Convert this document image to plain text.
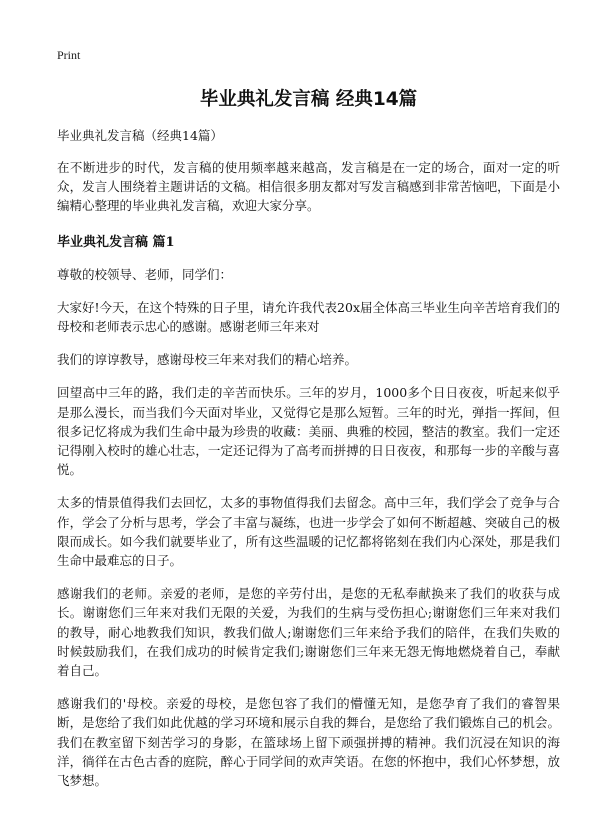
Print
毕业典礼发言稿 经典14篇
毕业典礼发言稿（经典14篇）

在不断进步的时代，发言稿的使用频率越来越高，发言稿是在一定的场合，面对一定的听众，发言人围绕着主题讲话的文稿。相信很多朋友都对写发言稿感到非常苦恼吧，下面是小编精心整理的毕业典礼发言稿，欢迎大家分享。

毕业典礼发言稿 篇1

尊敬的校领导、老师，同学们：

大家好!今天，在这个特殊的日子里，请允许我代表20x届全体高三毕业生向辛苦培育我们的母校和老师表示忠心的感谢。感谢老师三年来对

我们的谆谆教导，感谢母校三年来对我们的精心培养。

回望高中三年的路，我们走的辛苦而快乐。三年的岁月，1000多个日日夜夜，听起来似乎是那么漫长，而当我们今天面对毕业，又觉得它是那么短暂。三年的时光，弹指一挥间，但很多记忆将成为我们生命中最为珍贵的收藏：美丽、典雅的校园，整洁的教室。我们一定还记得刚入校时的雄心壮志，一定还记得为了高考而拼搏的日日夜夜，和那每一步的辛酸与喜悦。

太多的情景值得我们去回忆，太多的事物值得我们去留念。高中三年，我们学会了竞争与合作，学会了分析与思考，学会了丰富与凝练，也进一步学会了如何不断超越、突破自己的极限而成长。如今我们就要毕业了，所有这些温暖的记忆都将铭刻在我们内心深处，那是我们生命中最难忘的日子。

感谢我们的老师。亲爱的老师，是您的辛劳付出，是您的无私奉献换来了我们的收获与成长。谢谢您们三年来对我们无限的关爱，为我们的生病与受伤担心;谢谢您们三年来对我们的教导，耐心地教我们知识，教我们做人;谢谢您们三年来给予我们的陪伴，在我们失败的时候鼓励我们，在我们成功的时候肯定我们;谢谢您们三年来无怨无悔地燃烧着自己，奉献着自己。

感谢我们的'母校。亲爱的母校，是您包容了我们的懵懂无知，是您孕育了我们的睿智果断，是您给了我们如此优越的学习环境和展示自我的舞台，是您给了我们锻炼自己的机会。我们在教室留下刻苦学习的身影，在篮球场上留下顽强拼搏的精神。我们沉浸在知识的海洋，徜徉在古色古香的庭院，醉心于同学间的欢声笑语。在您的怀抱中，我们心怀梦想，放飞梦想。
